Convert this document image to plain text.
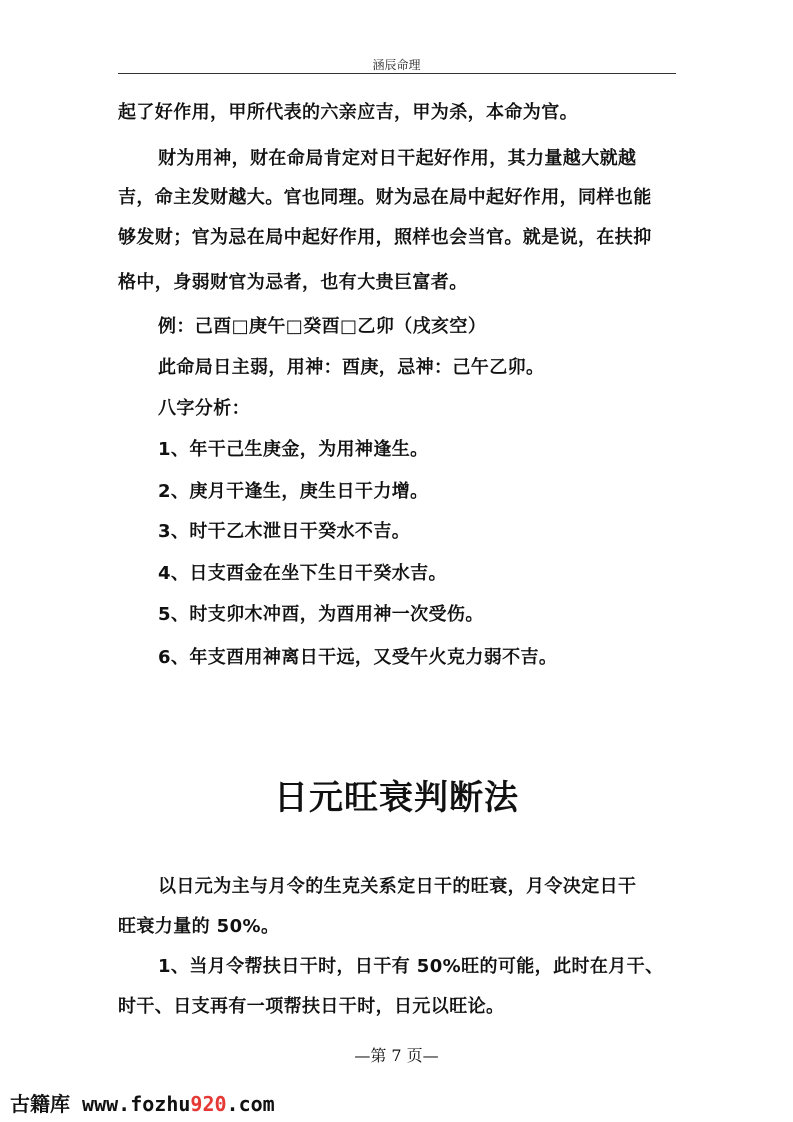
涵辰命理
起了好作用，甲所代表的六亲应吉，甲为杀，本命为官。
财为用神，财在命局肯定对日干起好作用，其力量越大就越
吉，命主发财越大。官也同理。财为忌在局中起好作用，同样也能
够发财；官为忌在局中起好作用，照样也会当官。就是说，在扶抑
格中，身弱财官为忌者，也有大贵巨富者。
例：己酉□庚午□癸酉□乙卯（戌亥空）
此命局日主弱，用神：酉庚，忌神：己午乙卯。
八字分析：
1、年干己生庚金，为用神逢生。
2、庚月干逢生，庚生日干力增。
3、时干乙木泄日干癸水不吉。
4、日支酉金在坐下生日干癸水吉。
5、时支卯木冲酉，为酉用神一次受伤。
6、年支酉用神离日干远，又受午火克力弱不吉。
日元旺衰判断法
以日元为主与月令的生克关系定日干的旺衰，月令决定日干
旺衰力量的 50%。
1、当月令帮扶日干时，日干有 50%旺的可能，此时在月干、
时干、日支再有一项帮扶日干时，日元以旺论。
—第 7 页—
古籍库 www.fozhu920.com
